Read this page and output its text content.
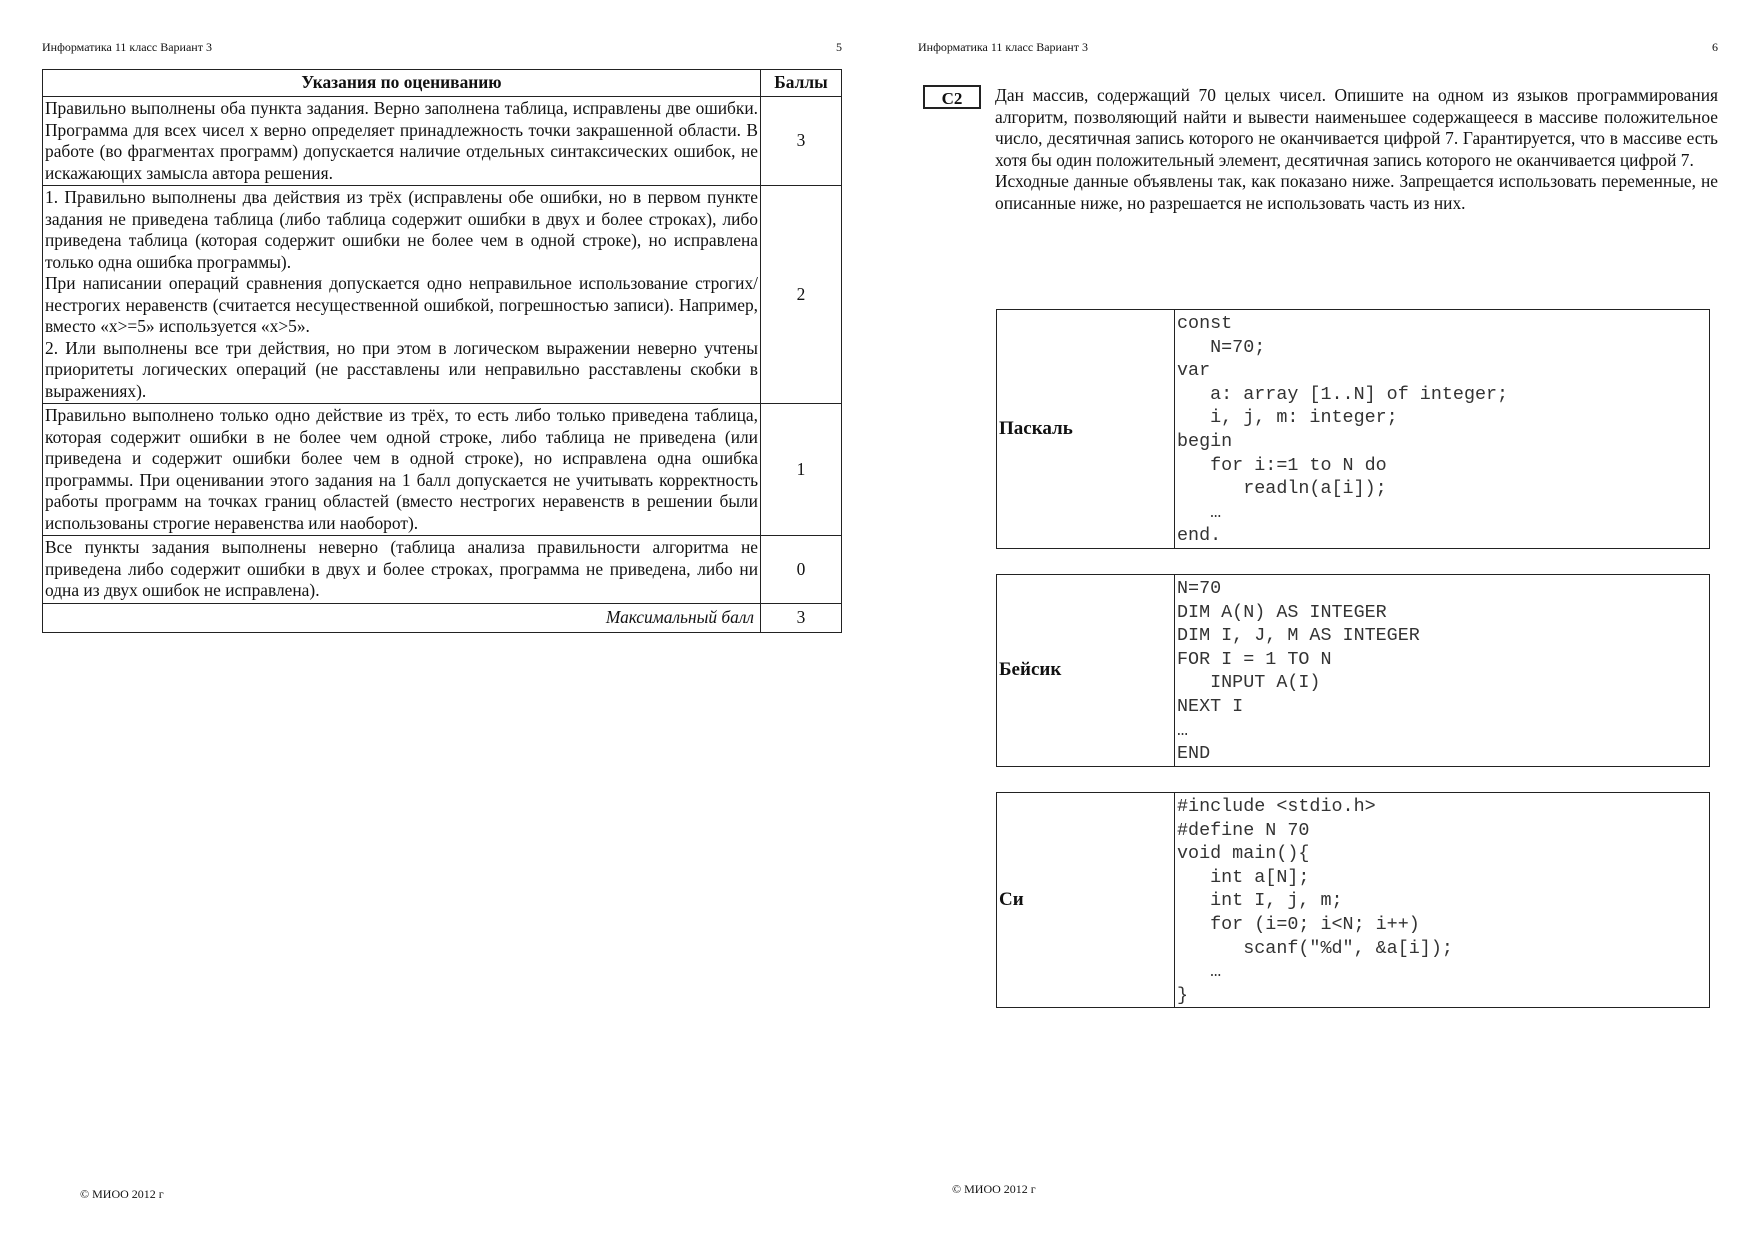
Информатика 11 класс Вариант 3	5
Указания по оцениванию	Баллы

Правильно выполнены оба пункта задания. Верно заполнена таблица, исправлены две ошибки. Программа для всех чисел x верно определяет принадлежность точки закрашенной области. В работе (во фрагментах программ) допускается наличие отдельных синтаксических ошибок, не искажающих замысла автора решения.	3

1. Правильно выполнены два действия из трёх (исправлены обе ошибки, но в первом пункте задания не приведена таблица (либо таблица содержит ошибки в двух и более строках), либо приведена таблица (которая содержит ошибки не более чем в одной строке), но исправлена только одна ошибка программы).

При написании операций сравнения допускается одно неправильное использование строгих/нестрогих неравенств (считается несущественной ошибкой, погрешностью записи). Например, вместо «x>=5» используется «x>5».

2. Или выполнены все три действия, но при этом в логическом выражении неверно учтены приоритеты логических операций (не расставлены или неправильно расставлены скобки в выражениях).	2

Правильно выполнено только одно действие из трёх, то есть либо только приведена таблица, которая содержит ошибки в не более чем одной строке, либо таблица не приведена (или приведена и содержит ошибки более чем в одной строке), но исправлена одна ошибка программы. При оценивании этого задания на 1 балл допускается не учитывать корректность работы программ на точках границ областей (вместо нестрогих неравенств в решении были использованы строгие неравенства или наоборот).	1

Все пункты задания выполнены неверно (таблица анализа правильности алгоритма не приведена либо содержит ошибки в двух и более строках, программа не приведена, либо ни одна из двух ошибок не исправлена).	0
Максимальный балл	3
© МИОО 2012 г
Информатика 11 класс Вариант 3	6
C2	Дан массив, содержащий 70 целых чисел. Опишите на одном из языков программирования алгоритм, позволяющий найти и вывести наименьшее содержащееся в массиве положительное число, десятичная запись которого не оканчивается цифрой 7. Гарантируется, что в массиве есть хотя бы один положительный элемент, десятичная запись которого не оканчивается цифрой 7.

Исходные данные объявлены так, как показано ниже. Запрещается использовать переменные, не описанные ниже, но разрешается не использовать часть из них.

Паскаль	
const
N=70;
var
a: array [1..N] of integer;
i, j, m: integer;
begin
for i:=1 to N do
readln(a[i]);
…
end.
Бейсик	
N=70
DIM A(N) AS INTEGER
DIM I, J, M AS INTEGER
FOR I = 1 TO N
INPUT A(I)
NEXT I
…
END
Си	
#include <stdio.h>
#define N 70
void main(){
int a[N];
int I, j, m;
for (i=0; i<N; i++)
scanf("%d", &a[i]);
…
}
© МИОО 2012 г
